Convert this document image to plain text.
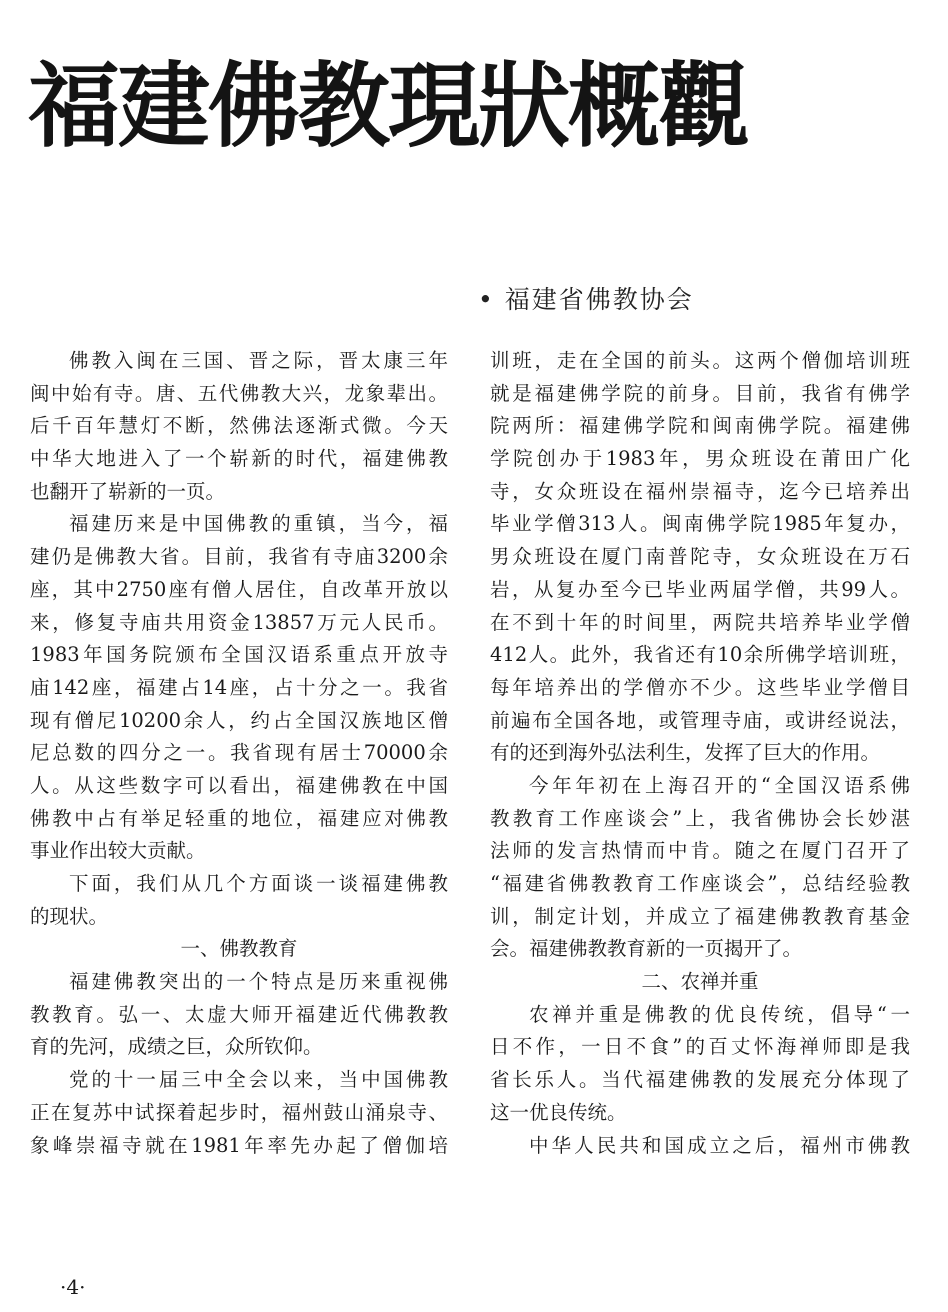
福建佛教現狀概觀
• 福建省佛教协会
佛教入闽在三国、晋之际，晋太康三年
闽中始有寺。唐、五代佛教大兴，龙象辈出。
后千百年慧灯不断，然佛法逐渐式微。今天
中华大地进入了一个崭新的时代，福建佛教
也翻开了崭新的一页。
福建历来是中国佛教的重镇，当今，福
建仍是佛教大省。目前，我省有寺庙3200余
座，其中2750座有僧人居住，自改革开放以
来，修复寺庙共用资金13857万元人民币。
1983年国务院颁布全国汉语系重点开放寺
庙142座，福建占14座，占十分之一。我省
现有僧尼10200余人，约占全国汉族地区僧
尼总数的四分之一。我省现有居士70000余
人。从这些数字可以看出，福建佛教在中国
佛教中占有举足轻重的地位，福建应对佛教
事业作出较大贡献。
下面，我们从几个方面谈一谈福建佛教
的现状。
一、佛教教育
福建佛教突出的一个特点是历来重视佛
教教育。弘一、太虚大师开福建近代佛教教
育的先河，成绩之巨，众所钦仰。
党的十一届三中全会以来，当中国佛教
正在复苏中试探着起步时，福州鼓山涌泉寺、
象峰崇福寺就在1981年率先办起了僧伽培
训班，走在全国的前头。这两个僧伽培训班
就是福建佛学院的前身。目前，我省有佛学
院两所：福建佛学院和闽南佛学院。福建佛
学院创办于1983年，男众班设在莆田广化
寺，女众班设在福州崇福寺，迄今已培养出
毕业学僧313人。闽南佛学院1985年复办，
男众班设在厦门南普陀寺，女众班设在万石
岩，从复办至今已毕业两届学僧，共99人。
在不到十年的时间里，两院共培养毕业学僧
412人。此外，我省还有10余所佛学培训班，
每年培养出的学僧亦不少。这些毕业学僧目
前遍布全国各地，或管理寺庙，或讲经说法，
有的还到海外弘法利生，发挥了巨大的作用。
今年年初在上海召开的“全国汉语系佛
教教育工作座谈会”上，我省佛协会长妙湛
法师的发言热情而中肯。随之在厦门召开了
“福建省佛教教育工作座谈会”，总结经验教
训，制定计划，并成立了福建佛教教育基金
会。福建佛教教育新的一页揭开了。
二、农禅并重
农禅并重是佛教的优良传统，倡导“一
日不作，一日不食”的百丈怀海禅师即是我
省长乐人。当代福建佛教的发展充分体现了
这一优良传统。
中华人民共和国成立之后，福州市佛教
·4·
